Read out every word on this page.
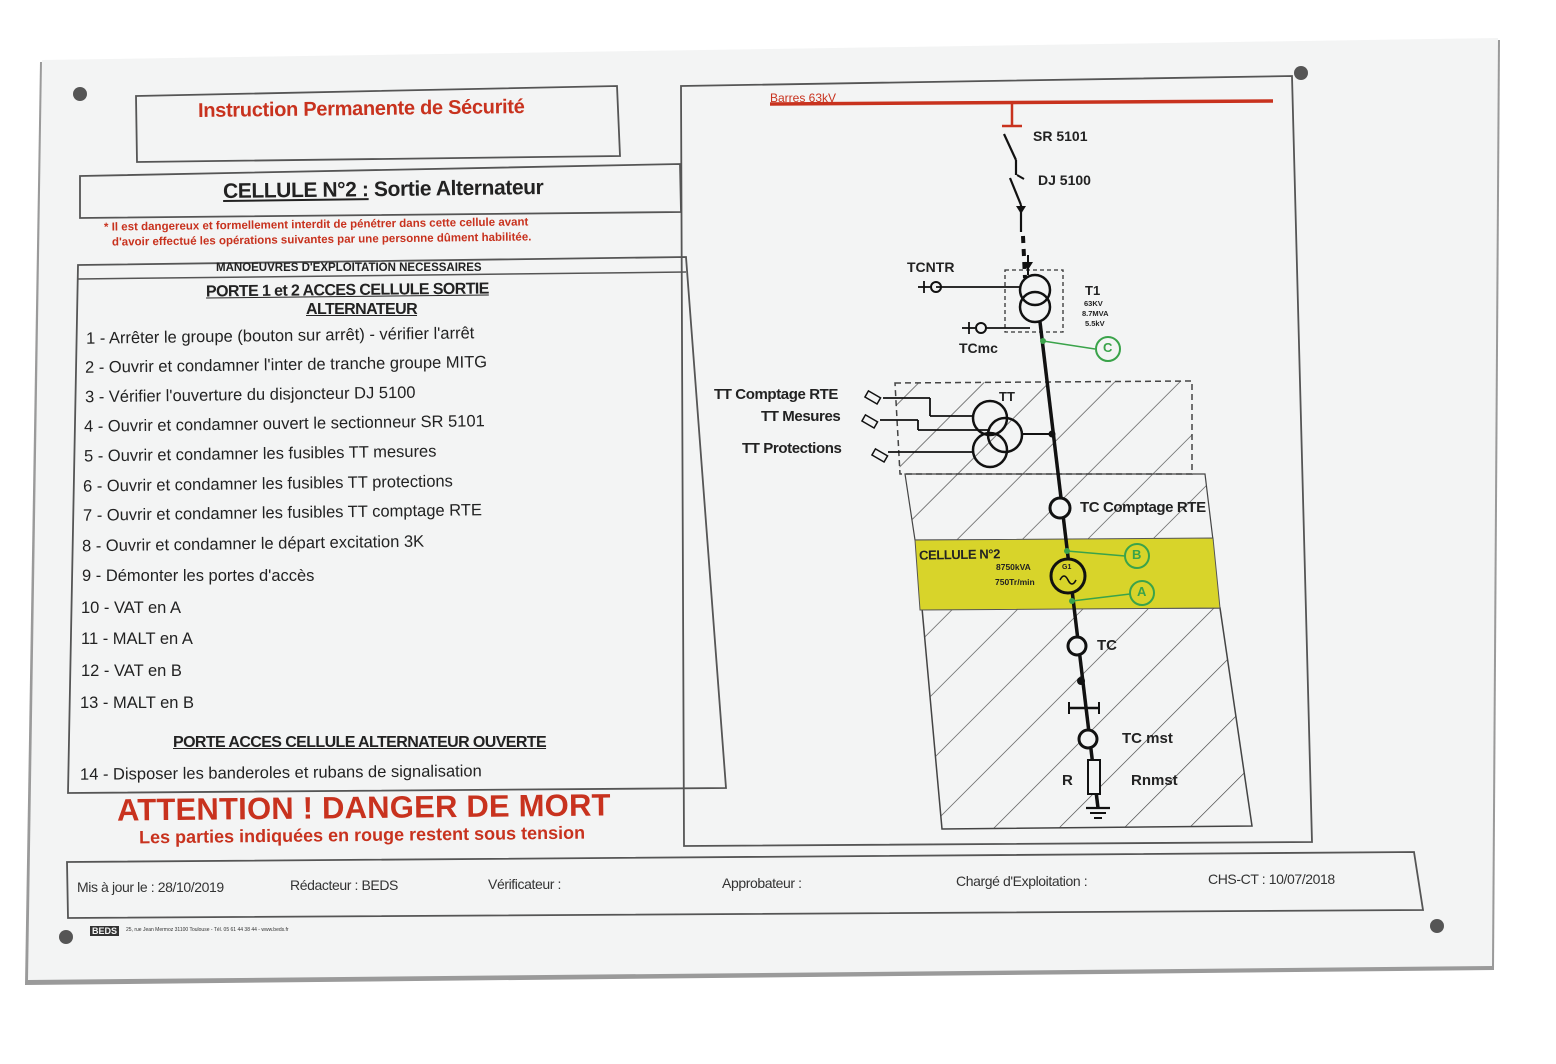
Instruction Permanente de Sécurité
CELLULE N°2 : Sortie Alternateur
* Il est dangereux et formellement interdit de pénétrer dans cette cellule avant
d'avoir effectué les opérations suivantes par une personne dûment habilitée.
MANOEUVRES D'EXPLOITATION NECESSAIRES
PORTE 1 et 2 ACCES CELLULE SORTIE
ALTERNATEUR
1 - Arrêter le groupe (bouton sur arrêt) - vérifier l'arrêt
2 - Ouvrir et condamner l'inter de tranche groupe MITG
3 - Vérifier l'ouverture du disjoncteur DJ 5100
4 - Ouvrir et condamner ouvert le sectionneur SR 5101
5 - Ouvrir et condamner les fusibles TT mesures
6 - Ouvrir et condamner les fusibles TT protections
7 - Ouvrir et condamner les fusibles TT comptage RTE
8 - Ouvrir et condamner le départ excitation 3K
9 - Démonter les portes d'accès
10 - VAT en A
11 - MALT en A
12 - VAT en B
13 - MALT en B
PORTE ACCES CELLULE ALTERNATEUR OUVERTE
14 - Disposer les banderoles et rubans de signalisation
ATTENTION ! DANGER DE MORT
Les parties indiquées en rouge restent sous tension
Barres 63kV
SR 5101
DJ 5100
TCNTR
T1
63KV
8.7MVA
5.5kV
TCmc	C
TT Comptage RTE
TT Mesures
TT Protections
TT
TC Comptage RTE
CELLULE N°2
8750kVA
750Tr/min
G1
B
A
TC
TC mst
R	Rnmst
Mis à jour le : 28/10/2019	Rédacteur : BEDS	Vérificateur :	Approbateur :	Chargé d'Exploitation :	CHS-CT : 10/07/2018
BEDS	25, rue Jean Mermoz 31100 Toulouse - Tél. 05 61 44 38 44 - www.beds.fr
